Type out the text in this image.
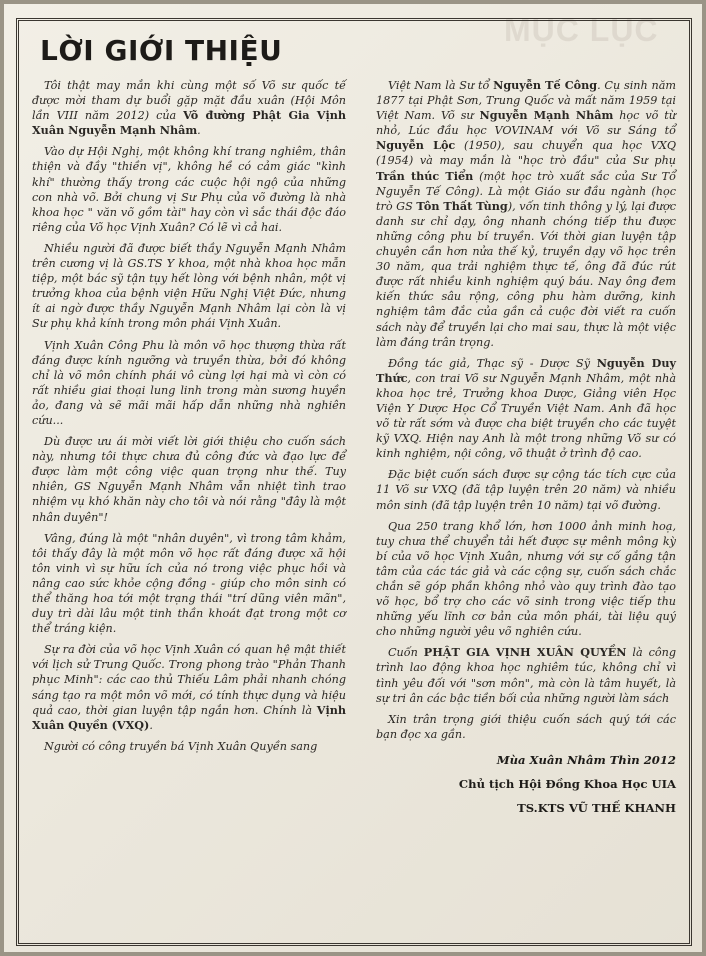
MỤC LỤC
LỜI GIỚI THIỆU

Tôi thật may mắn khi cùng một số Võ sư quốc tế được mời tham dự buổi gặp mặt đầu xuân (Hội Môn lần VIII năm 2012) của Võ đường Phật Gia Vịnh Xuân Nguyễn Mạnh Nhâm.

Vào dự Hội Nghị, một không khí trang nghiêm, thân thiện và đầy "thiền vị", không hề có cảm giác "kình khí" thường thấy trong các cuộc hội ngộ của những con nhà võ. Bởi chung vị Sư Phụ của võ đường là nhà khoa học " văn võ gồm tài" hay còn vì sắc thái độc đáo riêng của Võ học Vịnh Xuân? Có lẽ vì cả hai.

Nhiều người đã được biết thầy Nguyễn Mạnh Nhâm trên cương vị là GS.TS Y khoa, một nhà khoa học mẫn tiệp, một bác sỹ tận tụy hết lòng với bệnh nhân, một vị trưởng khoa của bệnh viện Hữu Nghị Việt Đức, nhưng ít ai ngờ được thầy Nguyễn Mạnh Nhâm lại còn là vị Sư phụ khả kính trong môn phái Vịnh Xuân.

Vịnh Xuân Công Phu là môn võ học thượng thừa rất đáng được kính ngưỡng và truyền thừa, bởi đó không chỉ là võ môn chính phái vô cùng lợi hại mà vì còn có rất nhiều giai thoại lung linh trong màn sương huyền ảo, đang và sẽ mãi mãi hấp dẫn những nhà nghiên cứu...

Dù được ưu ái mời viết lời giới thiệu cho cuốn sách này, nhưng tôi thực chưa đủ công đức và đạo lực để được làm một công việc quan trọng như thế. Tuy nhiên, GS Nguyễn Mạnh Nhâm vẫn nhiệt tình trao nhiệm vụ khó khăn này cho tôi và nói rằng "đây là một nhân duyên"!

Vâng, đúng là một "nhân duyên", vì trong tâm khảm, tôi thấy đây là một môn võ học rất đáng được xã hội tôn vinh vì sự hữu ích của nó trong việc phục hồi và nâng cao sức khỏe cộng đồng - giúp cho môn sinh có thể thăng hoa tới một trạng thái "trí dũng viên mãn", duy trì dài lâu một tinh thần khoát đạt trong một cơ thể tráng kiện.

Sự ra đời của võ học Vịnh Xuân có quan hệ mật thiết với lịch sử Trung Quốc. Trong phong trào "Phản Thanh phục Minh": các cao thủ Thiếu Lâm phải nhanh chóng sáng tạo ra một môn võ mới, có tính thực dụng và hiệu quả cao, thời gian luyện tập ngắn hơn. Chính là Vịnh Xuân Quyền (VXQ).

Người có công truyền bá Vịnh Xuân Quyền sang

Việt Nam là Sư tổ Nguyễn Tế Công. Cụ sinh năm 1877 tại Phật Sơn, Trung Quốc và mất năm 1959 tại Việt Nam. Võ sư Nguyễn Mạnh Nhâm học võ từ nhỏ, Lúc đầu học VOVINAM với Võ sư Sáng tổ Nguyễn Lộc (1950), sau chuyển qua học VXQ (1954) và may mắn là "học trò đầu" của Sư phụ Trần thúc Tiển (một học trò xuất sắc của Sư Tổ Nguyễn Tế Công). Là một Giáo sư đầu ngành (học trò GS Tôn Thất Tùng), vốn tinh thông y lý, lại được danh sư chỉ dạy, ông nhanh chóng tiếp thu được những công phu bí truyền. Với thời gian luyện tập chuyên cần hơn nửa thế kỷ, truyền dạy võ học trên 30 năm, qua trải nghiệm thực tế, ông đã đúc rút được rất nhiều kinh nghiệm quý báu. Nay ông đem kiến thức sâu rộng, công phu hàm dưỡng, kinh nghiệm tâm đắc của gần cả cuộc đời viết ra cuốn sách này để truyền lại cho mai sau, thực là một việc làm đáng trân trọng.

Đồng tác giả, Thạc sỹ - Dược Sỹ Nguyễn Duy Thức, con trai Võ sư Nguyễn Mạnh Nhâm, một nhà khoa học trẻ, Trưởng khoa Dược, Giảng viên Học Viện Y Dược Học Cổ Truyền Việt Nam. Anh đã học võ từ rất sớm và được cha biệt truyền cho các tuyệt kỹ VXQ. Hiện nay Anh là một trong những Võ sư có kinh nghiệm, nội công, võ thuật ở trình độ cao.

Đặc biệt cuốn sách được sự cộng tác tích cực của 11 Võ sư VXQ (đã tập luyện trên 20 năm) và nhiều môn sinh (đã tập luyện trên 10 năm) tại võ đường.

Qua 250 trang khổ lớn, hơn 1000 ảnh minh hoạ, tuy chưa thể chuyển tải hết được sự mênh mông kỳ bí của võ học Vịnh Xuân, nhưng với sự cố gắng tận tâm của các tác giả và các cộng sự, cuốn sách chắc chắn sẽ góp phần không nhỏ vào quy trình đào tạo võ học, bổ trợ cho các võ sinh trong việc tiếp thu những yếu lĩnh cơ bản của môn phái, tài liệu quý cho những người yêu võ nghiên cứu.

Cuốn PHẬT GIA VỊNH XUÂN QUYỀN là công trình lao động khoa học nghiêm túc, không chỉ vì tình yêu đối với "sơn môn", mà còn là tâm huyết, là sự tri ân các bậc tiền bối của những người làm sách

Xin trân trọng giới thiệu cuốn sách quý tới các bạn đọc xa gần.

Mùa Xuân Nhâm Thìn 2012
Chủ tịch Hội Đồng Khoa Học UIA
TS.KTS VŨ THẾ KHANH
